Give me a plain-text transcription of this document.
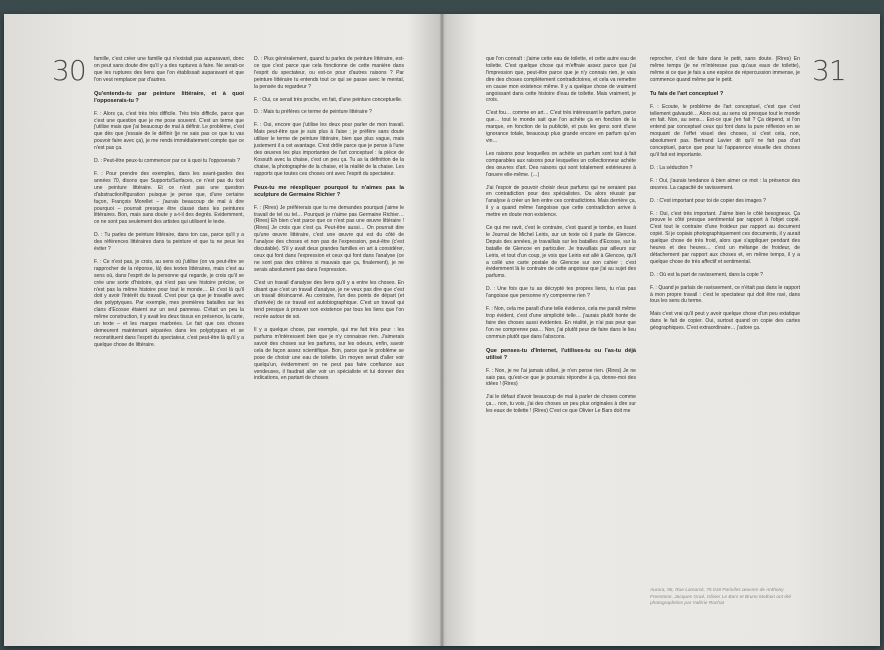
30	31

famille, c'est créer une famille qui n'existait pas auparavant, donc on peut sans doute dire qu'il y a des ruptures à faire. Ne serait-ce que les ruptures des liens que l'on établissait auparavant et que l'on veut remplacer par d'autres.

Qu'entends-tu par peinture littéraire, et à quoi l'opposerais-tu ?

F. : Alors ça, c'est très très difficile. Très très difficile, parce que c'est une question que je me pose souvent. C'est un terme que j'utilise mais que j'ai beaucoup de mal à définir. Le problème, c'est que dès que j'essaie de le définir (je ne sais pas ce que tu vas pouvoir faire avec ça), je me rends immédiatement compte que ce n'est pas ça.

D. : Peut-être peux-tu commencer par ce à quoi tu l'opposerais ?

F. : Pour prendre des exemples, dans les avant-gardes des années 70, disons que Supports/Surfaces, ce n'est pas du tout une peinture littéraire. Et ce n'est pas une question d'abstraction/figuration puisque je pense que, d'une certaine façon, François Morellet – j'aurais beaucoup de mal à dire pourquoi – pourrait presque être classé dans les peintures littéraires. Bon, mais sans doute y a-t-il des degrés. Evidemment, ce ne sont pas seulement des artistes qui utilisent le texte.

D. : Tu parles de peinture littéraire, dans ton cas, parce qu'il y a des références littéraires dans ta peinture et que tu ne peux les éviter ?

F. : Ce n'est pas, je crois, au sens où j'utilise (on va peut-être se rapprocher de la réponse, là) des textes littéraires, mais c'est au sens où, dans l'esprit de la personne qui regarde, je crois qu'il se crée une sorte d'histoire, qui n'est pas une histoire précise, ce n'est pas la même histoire pour tout le monde… Et c'est là qu'il doit y avoir l'intérêt du travail. C'est pour ça que je travaille avec des polyptyques. Par exemple, mes premières batailles sur les clans d'Ecosse étaient sur un seul panneau. C'était un peu la même construction, il y avait les deux tissus en présence, la carte, un texte – et les marges marbrées. Le fait que ces choses demeurent maintenant séparées dans les polyptyques et se reconstituent dans l'esprit du spectateur, c'est peut-être là qu'il y a quelque chose de littéraire.

D. : Plus généralement, quand tu parles de peinture littéraire, est-ce que c'est parce que cela fonctionne de cette manière dans l'esprit du spectateur, ou est-ce pour d'autres raisons ? Par peinture littéraire tu entends tout ce qui se passe avec le mental, la pensée du regardeur ?

F. : Oui, ce serait très proche, en fait, d'une peinture conceptuelle.

D. : Mais tu préfères ce terme de peinture littéraire ?

F. : Oui, encore que j'utilise les deux pour parler de mon travail. Mais peut-être que je suis plus à l'aise ; je préfère sans doute utiliser le terme de peinture littéraire, bien que plus vague, mais justement il a cet avantage. C'est drôle parce que je pense à l'une des œuvres les plus importantes de l'art conceptuel : la pièce de Kossuth avec la chaise, c'est un peu ça. Tu as la définition de la chaise, la photographie de la chaise, et la réalité de la chaise. Les rapports que toutes ces choses ont avec l'esprit du spectateur.

Peux-tu me réexpliquer pourquoi tu n'aimes pas la sculpture de Germaine Richier ?

F. : (Rires) Je préférerais que tu me demandes pourquoi j'aime le travail de tel ou tel… Pourquoi je n'aime pas Germaine Richier… (Rires) Eh bien c'est parce que ce n'est pas une œuvre littéraire ! (Rires) Je crois que c'est ça. Peut-être aussi… On pourrait dire qu'une œuvre littéraire, c'est une œuvre qui est du côté de l'analyse des choses et non pas de l'expression, peut-être (c'est discutable). S'il y avait deux grandes familles en art à considérer, ceux qui font dans l'expression et ceux qui font dans l'analyse (ce ne sont pas des critères si mauvais que ça, finalement), je ne serais absolument pas dans l'expression.

C'est un travail d'analyse des liens qu'il y a entre les choses. En disant que c'est un travail d'analyse, je ne veux pas dire que c'est un travail désincarné. Au contraire, l'un des points de départ (et d'arrivée) de ce travail est autobiographique. C'est un travail qui tend presque à prouver son existence par tous les liens que l'on recrée autour de soi.

Il y a quelque chose, par exemple, qui me fait très peur : les parfums m'intéressent bien que je n'y connaisse rien. J'aimerais savoir des choses sur les parfums, sur les odeurs, enfin, savoir cela de façon assez scientifique. Bon, parce que le problème se pose de choisir une eau de toilette. Un moyen serait d'aller voir quelqu'un, évidemment on ne peut pas faire confiance aux vendeuses, il faudrait aller voir un spécialiste et lui donner des indications, en partant de choses

que l'on connaît : j'aime cette eau de toilette, et cette autre eau de toilette. C'est quelque chose qui m'effraie assez parce que j'ai l'impression que, peut-être parce que je n'y connais rien, je vais dire des choses complètement contradictoires, et cela va remettre en cause mon existence même. Il y a quelque chose de vraiment angoissant dans cette histoire d'eau de toilette. Mais vraiment, je crois.

C'est fou… comme en art… C'est très intéressant le parfum, parce que… tout le monde sait que l'on achète ça en fonction de la marque, en fonction de la publicité, et puis les gens sont d'une ignorance totale, beaucoup plus grande encore en parfum qu'en vin…

Les raisons pour lesquelles on achète un parfum sont tout à fait comparables aux raisons pour lesquelles un collectionneur achète des œuvres d'art. Des raisons qui sont totalement extérieures à l'œuvre elle-même. (…)

J'ai l'espoir de pouvoir choisir deux parfums qui ne seraient pas en contradiction pour des spécialistes. Ou alors réussir par l'analyse à créer un lien entre ces contradictions. Mais derrière ça, il y a quand même l'angoisse que cette contradiction arrive à mettre en doute mon existence.

Ce qui me ravit, c'est le contraire, c'est quand je tombe, en lisant le Journal de Michel Leiris, sur un texte où il parle de Glencoe. Depuis des années, je travaillais sur les batailles d'Ecosse, sur la bataille de Glencoe en particulier. Je travaillais par ailleurs sur Leiris, et tout d'un coup, je vois que Leiris est allé à Glencoe, qu'il a collé une carte postale de Glencoe sur son cahier ; c'est évidemment là le contraire de cette angoisse que j'ai au sujet des parfums.

D. : Une fois que tu as décrypté tes propres liens, tu n'as pas l'angoisse que personne n'y comprenne rien ?

F. : Non, cela me paraît d'une telle évidence, cela me paraît même trop évident, c'est d'une simplicité telle… j'aurais plutôt honte de faire des choses aussi évidentes. En réalité, je n'ai pas peur que l'on ne comprenne pas… Non, j'ai plutôt peur de faire dans le lieu commun plutôt que dans l'abscons.

Que penses-tu d'Internet, l'utilises-tu ou l'as-tu déjà utilisé ?

F. : Non, je ne l'ai jamais utilisé, je n'en pense rien. (Rires) Je ne sais pas, qu'est-ce que je pourrais répondre à ça, donne-moi des idées ! (Rires)

J'ai le défaut d'avoir beaucoup de mal à parler de choses comme ça… non, tu vois, j'ai des choses un peu plus originales à dire sur les eaux de toilette ! (Rires) C'est ce que Olivier Le Bars doit me

reprocher, c'est de faire dans le petit, sans doute. (Rires) En même temps (je ne m'intéresse pas qu'aux eaux de toilette), même si ce que je fais a une espèce de répercussion immense, je commence quand même par le petit.

Tu fais de l'art conceptuel ?

F. : Ecoute, le problème de l'art conceptuel, c'est que c'est tellement galvaudé… Alors oui, au sens où presque tout le monde en fait. Non, au sens… Est-ce que j'en fait ? Ça dépend, si l'on entend par conceptuel ceux qui font dans la pure réflexion en se moquant de l'effet visuel des choses, si c'est cela, non, absolument pas. Bertrand Lavier dit qu'il ne fait pas d'art conceptuel, parce que pour lui l'apparence visuelle des choses qu'il fait est importante.

D. : La séduction ?

F. : Oui, j'aurais tendance à bien aimer ce mot : la présence des œuvres. La capacité de ravissement.

D. : C'est important pour toi de copier des images ?

F. : Oui, c'est très important. J'aime bien le côté besogneux. Ça prouve le côté presque sentimental par rapport à l'objet copié. C'est tout le contraire d'une froideur par rapport au document copié. Si je copiais photographiquement ces documents, il y aurait quelque chose de très froid, alors que s'appliquer pendant des heures et des heures… c'est un mélange de froideur, de détachement par rapport aux choses et, en même temps, il y a quelque chose de très affectif et sentimental.

D. : Où est la part de ravissement, dans la copie ?

F. : Quand je parlais de ravissement, ce n'était pas dans le rapport à mon propre travail : c'est le spectateur qui doit être ravi, dans tous les sens du terme.

Mais c'est vrai qu'il peut y avoir quelque chose d'un peu extatique dans le fait de copier. Oui, surtout quand on copie des cartes géographiques. C'est extraordinaire… j'adore ça.

Aurora, 96, Rue Lamarck, 75 018 Paris/les œuvres de Anthony Freestone, Jacques Grué, Olivier Le Bars et Bruno Mathon ont été photographiées par Valérie Rochat
